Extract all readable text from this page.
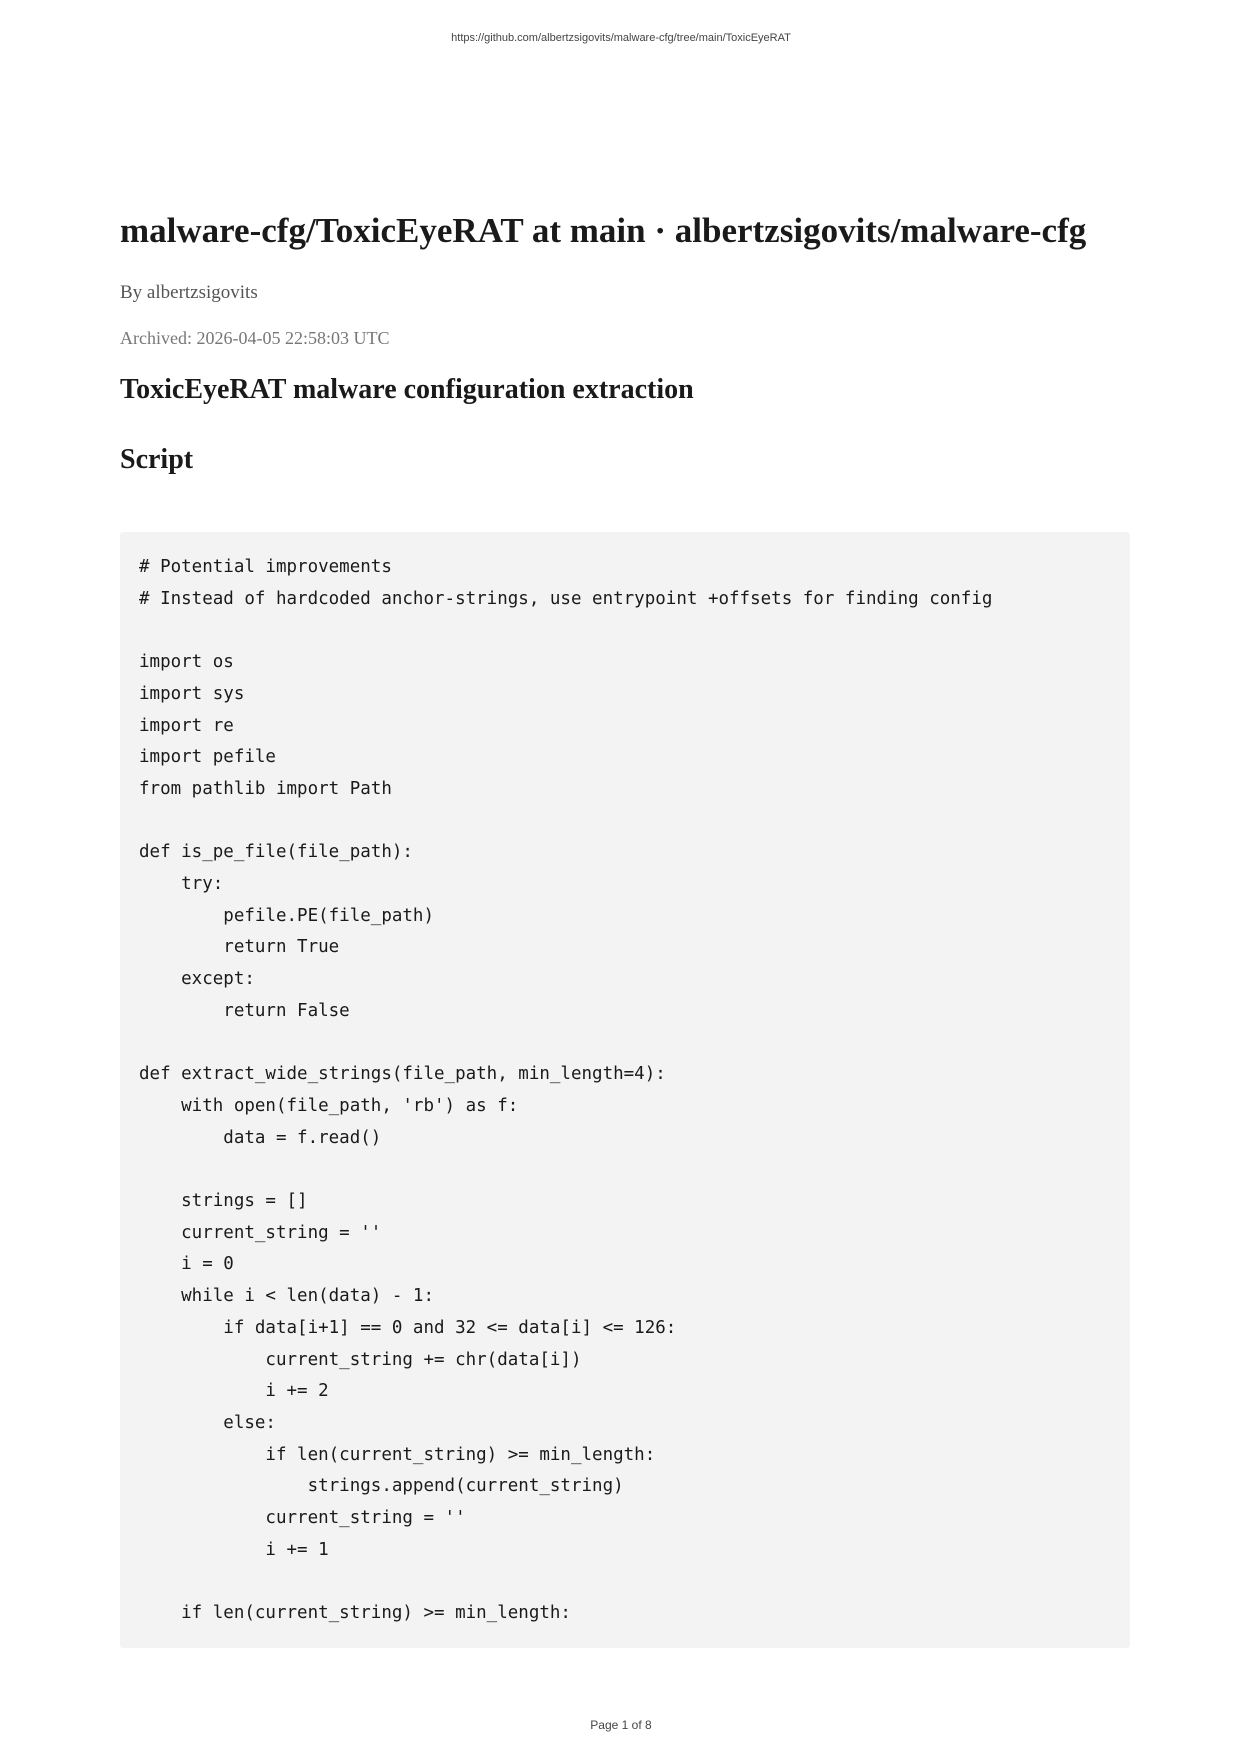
https://github.com/albertzsigovits/malware-cfg/tree/main/ToxicEyeRAT
malware-cfg/ToxicEyeRAT at main · albertzsigovits/malware-cfg
By albertzsigovits
Archived: 2026-04-05 22:58:03 UTC
ToxicEyeRAT malware configuration extraction
Script
# Potential improvements
# Instead of hardcoded anchor-strings, use entrypoint +offsets for finding config

import os
import sys
import re
import pefile
from pathlib import Path

def is_pe_file(file_path):
try:
pefile.PE(file_path)
return True
except:
return False

def extract_wide_strings(file_path, min_length=4):
with open(file_path, 'rb') as f:
data = f.read()

strings = []
current_string = ''
i = 0
while i < len(data) - 1:
if data[i+1] == 0 and 32 <= data[i] <= 126:
current_string += chr(data[i])
i += 2
else:
if len(current_string) >= min_length:
strings.append(current_string)
current_string = ''
i += 1

if len(current_string) >= min_length:
Page 1 of 8
